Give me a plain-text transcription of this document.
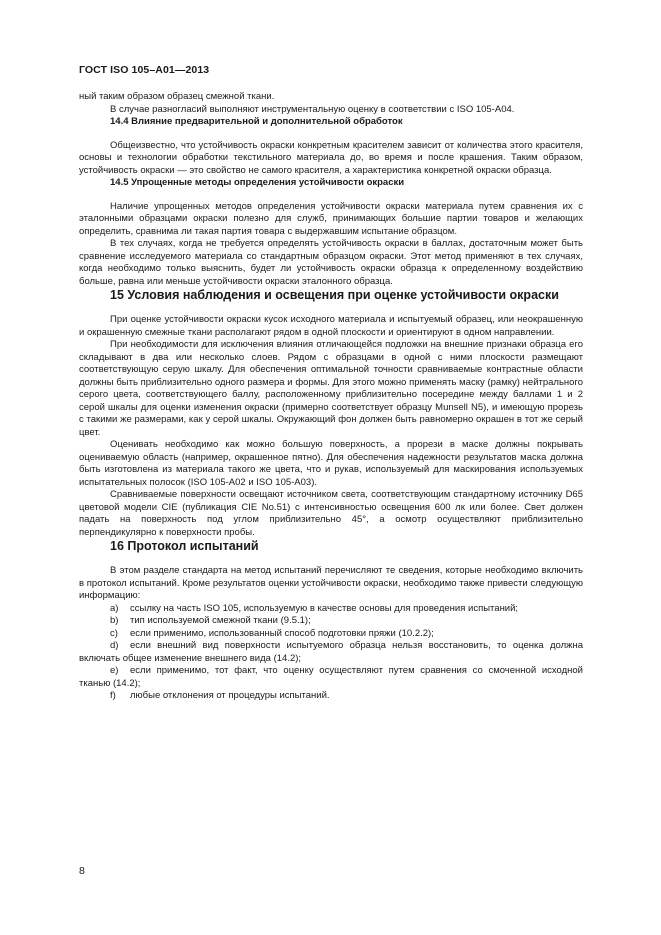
ГОСТ ISO 105–A01—2013

ный таким образом образец смежной ткани.

В случае разногласий выполняют инструментальную оценку в соответствии с ISO 105-A04.

14.4 Влияние предварительной и дополнительной обработок

Общеизвестно, что устойчивость окраски конкретным красителем зависит от количества этого красителя, основы и технологии обработки текстильного материала до, во время и после крашения. Таким образом, устойчивость окраски — это свойство не самого красителя, а характеристика конкретной окраски образца.

14.5 Упрощенные методы определения устойчивости окраски

Наличие упрощенных методов определения устойчивости окраски материала путем сравнения их с эталонными образцами окраски полезно для служб, принимающих большие партии товаров и желающих определить, сравнима ли такая партия товара с выдержавшим испытание образцом.

В тех случаях, когда не требуется определять устойчивость окраски в баллах, достаточным может быть сравнение исследуемого материала со стандартным образцом окраски. Этот метод применяют в тех случаях, когда необходимо только выяснить, будет ли устойчивость окраски образца к определенному воздействию больше, равна или меньше устойчивости окраски эталонного образца.

15 Условия наблюдения и освещения при оценке устойчивости окраски

При оценке устойчивости окраски кусок исходного материала и испытуемый образец, или неокрашенную и окрашенную смежные ткани располагают рядом в одной плоскости и ориентируют в одном направлении.

При необходимости для исключения влияния отличающейся подложки на внешние признаки образца его складывают в два или несколько слоев. Рядом с образцами в одной с ними плоскости размещают соответствующую серую шкалу. Для обеспечения оптимальной точности сравниваемые контрастные области должны быть приблизительно одного размера и формы. Для этого можно применять маску (рамку) нейтрального серого цвета, соответствующего баллу, расположенному приблизительно посередине между баллами 1 и 2 серой шкалы для оценки изменения окраски (примерно соответствует образцу Munsell N5), и имеющую прорезь с такими же размерами, как у серой шкалы. Окружающий фон должен быть равномерно окрашен в тот же серый цвет.

Оценивать необходимо как можно большую поверхность, а прорези в маске должны покрывать оцениваемую область (например, окрашенное пятно). Для обеспечения надежности результатов маска должна быть изготовлена из материала такого же цвета, что и рукав, используемый для маскирования используемых испытательных полосок (ISO 105-A02 и ISO 105-A03).

Сравниваемые поверхности освещают источником света, соответствующим стандартному источнику D65 цветовой модели CIE (публикация CIE No.51) с интенсивностью освещения 600 лк или более. Свет должен падать на поверхность под углом приблизительно 45°, а осмотр осуществляют приблизительно перпендикулярно к поверхности пробы.

16 Протокол испытаний

В этом разделе стандарта на метод испытаний перечисляют те сведения, которые необходимо включить в протокол испытаний. Кроме результатов оценки устойчивости окраски, необходимо также привести следующую информацию:

a) ссылку на часть ISO 105, используемую в качестве основы для проведения испытаний;

b) тип используемой смежной ткани (9.5.1);

c) если применимо, использованный способ подготовки пряжи (10.2.2);

d) если внешний вид поверхности испытуемого образца нельзя восстановить, то оценка должна включать общее изменение внешнего вида (14.2);

e) если применимо, тот факт, что оценку осуществляют путем сравнения со смоченной исходной тканью (14.2);

f) любые отклонения от процедуры испытаний.

8
